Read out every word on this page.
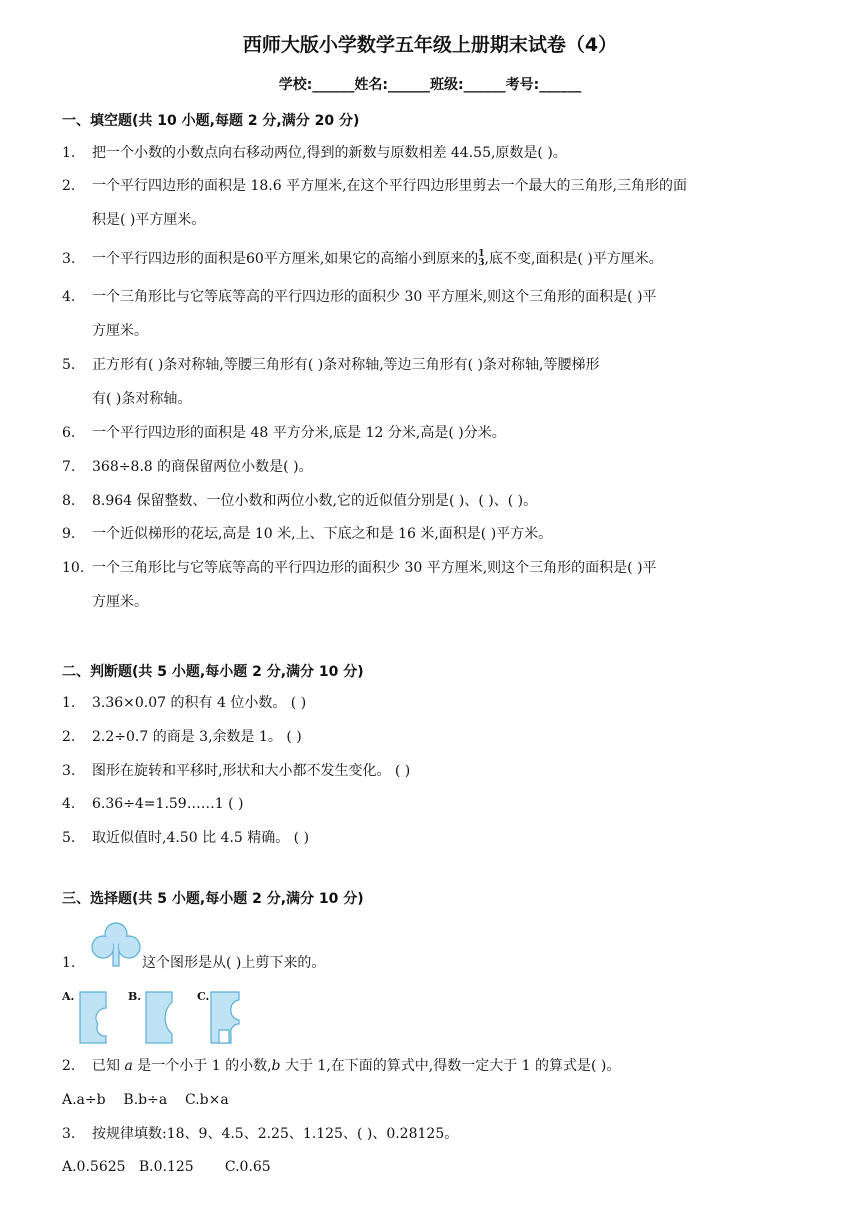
西师大版小学数学五年级上册期末试卷（4）
学校:______姓名:______班级:______考号:______
一、填空题(共 10 小题,每题 2 分,满分 20 分)
1. 把一个小数的小数点向右移动两位,得到的新数与原数相差 44.55,原数是( )。
2. 一个平行四边形的面积是 18.6 平方厘米,在这个平行四边形里剪去一个最大的三角形,三角形的面
积是( )平方厘米。
3. 一个平行四边形的面积是60平方厘米,如果它的高缩小到原来的 1
3 ,底不变,面积是( )平方厘米。
4. 一个三角形比与它等底等高的平行四边形的面积少 30 平方厘米,则这个三角形的面积是( )平
方厘米。
5. 正方形有( )条对称轴,等腰三角形有( )条对称轴,等边三角形有( )条对称轴,等腰梯形
有( )条对称轴。
6. 一个平行四边形的面积是 48 平方分米,底是 12 分米,高是( )分米。
7. 368÷8.8 的商保留两位小数是( )。
8. 8.964 保留整数、一位小数和两位小数,它的近似值分别是( )、( )、( )。
9. 一个近似梯形的花坛,高是 10 米,上、下底之和是 16 米,面积是( )平方米。
10. 一个三角形比与它等底等高的平行四边形的面积少 30 平方厘米,则这个三角形的面积是( )平
方厘米。
二、判断题(共 5 小题,每小题 2 分,满分 10 分)
1. 3.36×0.07 的积有 4 位小数。 ( )
2. 2.2÷0.7 的商是 3,余数是 1。 ( )
3. 图形在旋转和平移时,形状和大小都不发生变化。 ( )
4. 6.36÷4=1.59……1 ( )
5. 取近似值时,4.50 比 4.5 精确。 ( )
三、选择题(共 5 小题,每小题 2 分,满分 10 分)
1.	这个图形是从( )上剪下来的。
A.	B.	C.
2. 已知 a 是一个小于 1 的小数,b 大于 1,在下面的算式中,得数一定大于 1 的算式是( )。
A.a÷b    B.b÷a    C.b×a
3. 按规律填数:18、9、4.5、2.25、1.125、( )、0.28125。
A.0.5625   B.0.125       C.0.65
